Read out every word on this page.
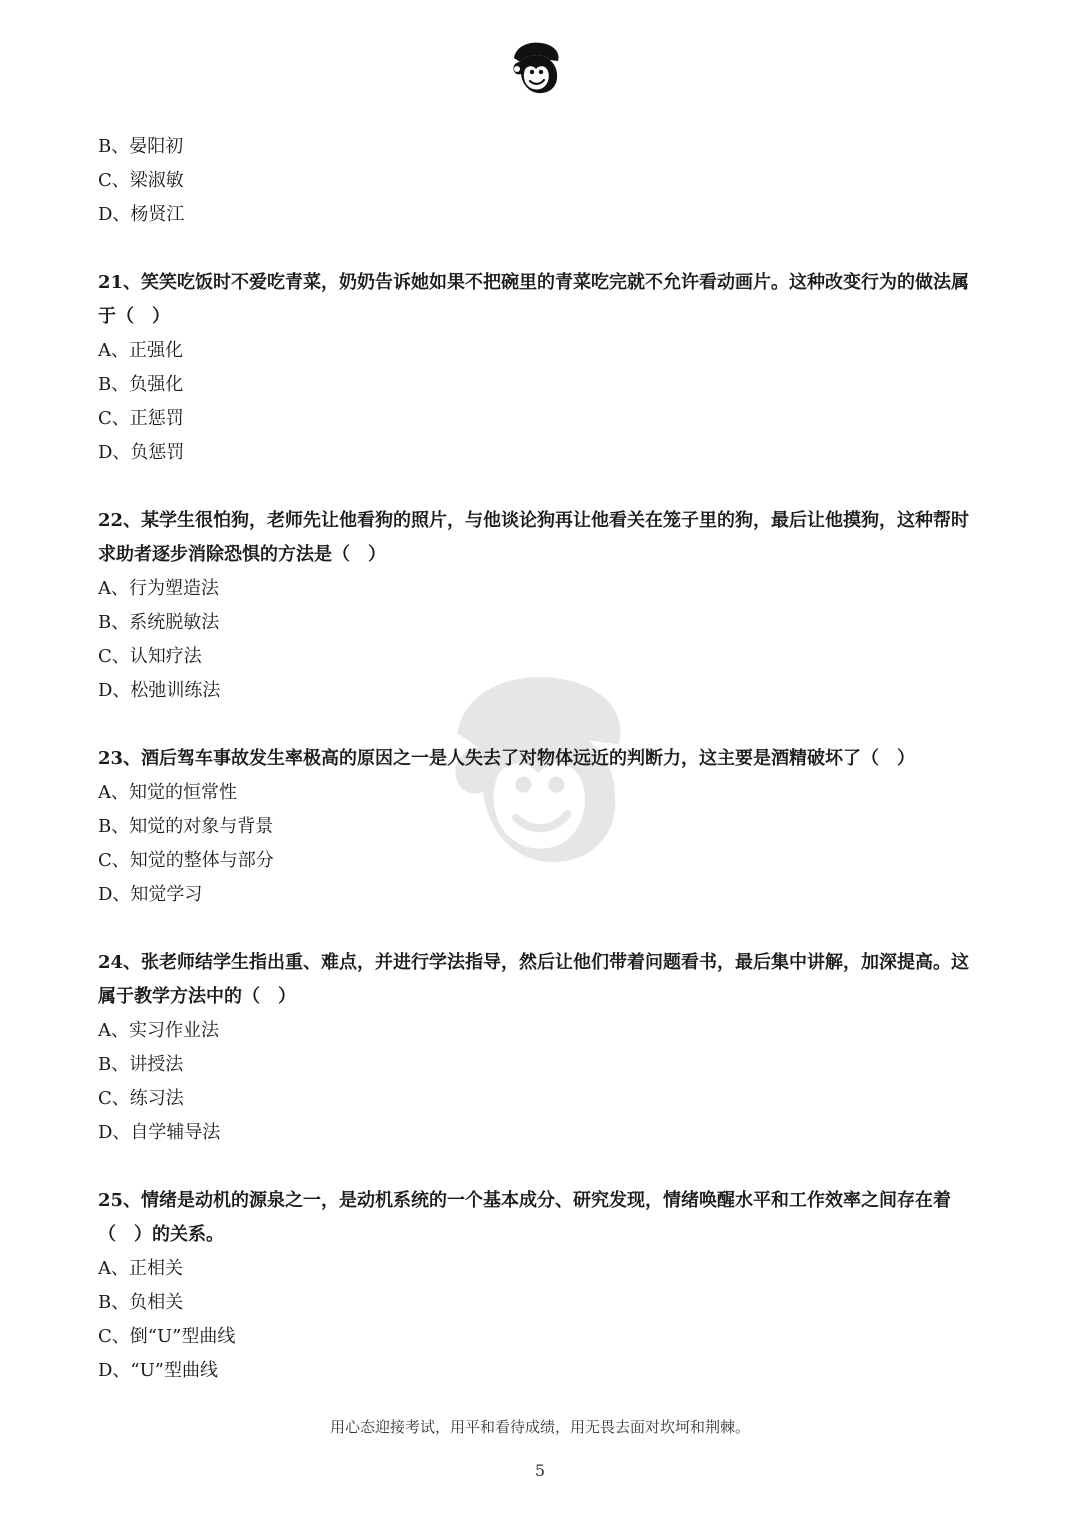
B、晏阳初
C、梁淑敏
D、杨贤江
21、笑笑吃饭时不爱吃青菜，奶奶告诉她如果不把碗里的青菜吃完就不允许看动画片。这种改变行为的做法属于（　）
A、正强化
B、负强化
C、正惩罚
D、负惩罚
22、某学生很怕狗，老师先让他看狗的照片，与他谈论狗再让他看关在笼子里的狗，最后让他摸狗，这种帮时求助者逐步消除恐惧的方法是（　）
A、行为塑造法
B、系统脱敏法
C、认知疗法
D、松弛训练法
23、酒后驾车事故发生率极高的原因之一是人失去了对物体远近的判断力，这主要是酒精破坏了（　）
A、知觉的恒常性
B、知觉的对象与背景
C、知觉的整体与部分
D、知觉学习
24、张老师结学生指出重、难点，并进行学法指导，然后让他们带着问题看书，最后集中讲解，加深提高。这属于教学方法中的（　）
A、实习作业法
B、讲授法
C、练习法
D、自学辅导法
25、情绪是动机的源泉之一，是动机系统的一个基本成分、研究发现，情绪唤醒水平和工作效率之间存在着（　）的关系。
A、正相关
B、负相关
C、倒“U”型曲线
D、“U”型曲线
用心态迎接考试，用平和看待成绩，用无畏去面对坎坷和荆棘。
5
